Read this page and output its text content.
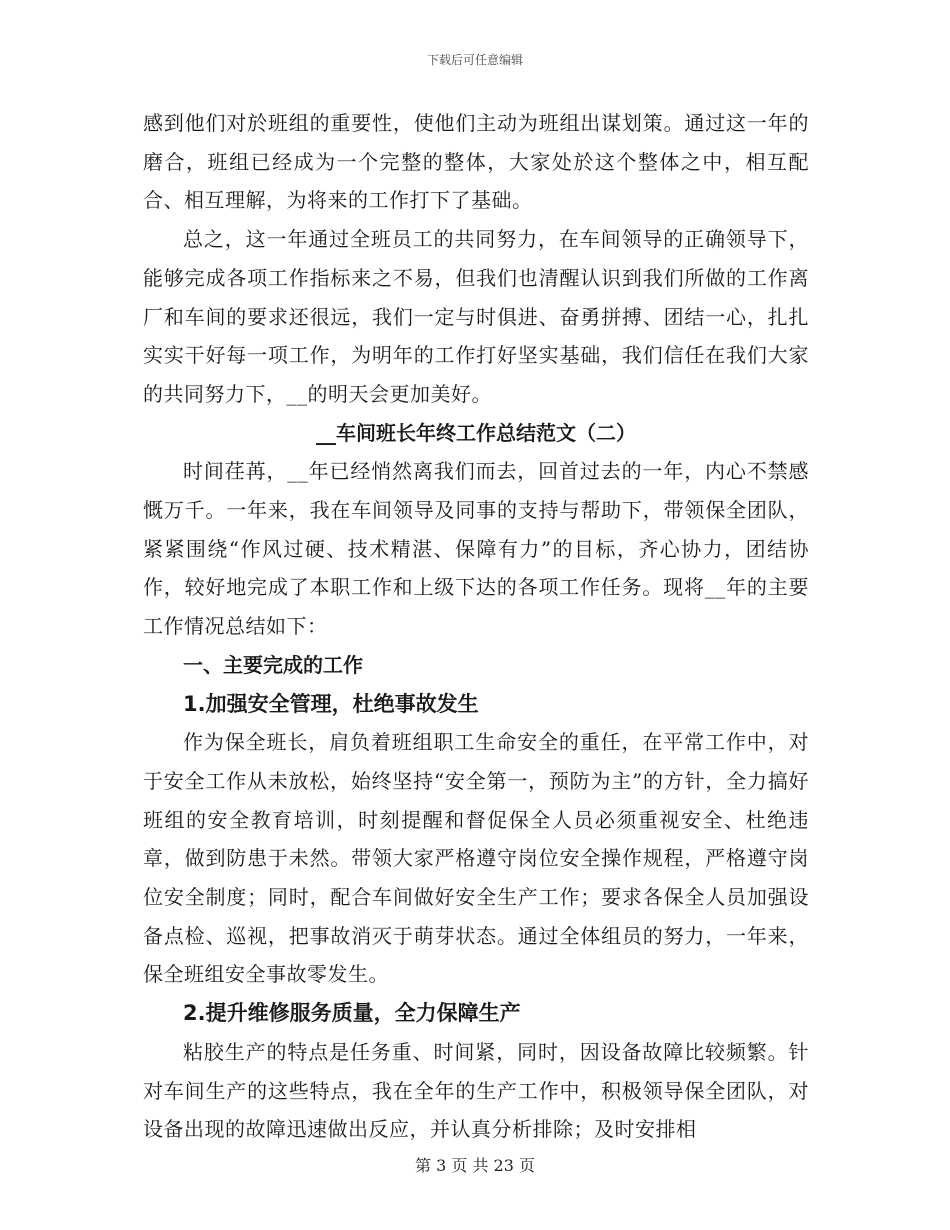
下载后可任意编辑

感到他们对於班组的重要性，使他们主动为班组出谋划策。通过这一年的磨合，班组已经成为一个完整的整体，大家处於这个整体之中，相互配合、相互理解，为将来的工作打下了基础。

总之，这一年通过全班员工的共同努力，在车间领导的正确领导下，能够完成各项工作指标来之不易，但我们也清醒认识到我们所做的工作离厂和车间的要求还很远，我们一定与时俱进、奋勇拼搏、团结一心，扎扎实实干好每一项工作，为明年的工作打好坚实基础，我们信任在我们大家的共同努力下，__的明天会更加美好。

__车间班长年终工作总结范文（二）

时间荏苒，__年已经悄然离我们而去，回首过去的一年，内心不禁感慨万千。一年来，我在车间领导及同事的支持与帮助下，带领保全团队，紧紧围绕“作风过硬、技术精湛、保障有力”的目标，齐心协力，团结协作，较好地完成了本职工作和上级下达的各项工作任务。现将__年的主要工作情况总结如下：

一、主要完成的工作

1.加强安全管理，杜绝事故发生

作为保全班长，肩负着班组职工生命安全的重任，在平常工作中，对于安全工作从未放松，始终坚持“安全第一，预防为主”的方针，全力搞好班组的安全教育培训，时刻提醒和督促保全人员必须重视安全、杜绝违章，做到防患于未然。带领大家严格遵守岗位安全操作规程，严格遵守岗位安全制度；同时，配合车间做好安全生产工作；要求各保全人员加强设备点检、巡视，把事故消灭于萌芽状态。通过全体组员的努力，一年来，保全班组安全事故零发生。

2.提升维修服务质量，全力保障生产

粘胶生产的特点是任务重、时间紧，同时，因设备故障比较频繁。针对车间生产的这些特点，我在全年的生产工作中，积极领导保全团队，对设备出现的故障迅速做出反应，并认真分析排除；及时安排相

第 3 页 共 23 页
